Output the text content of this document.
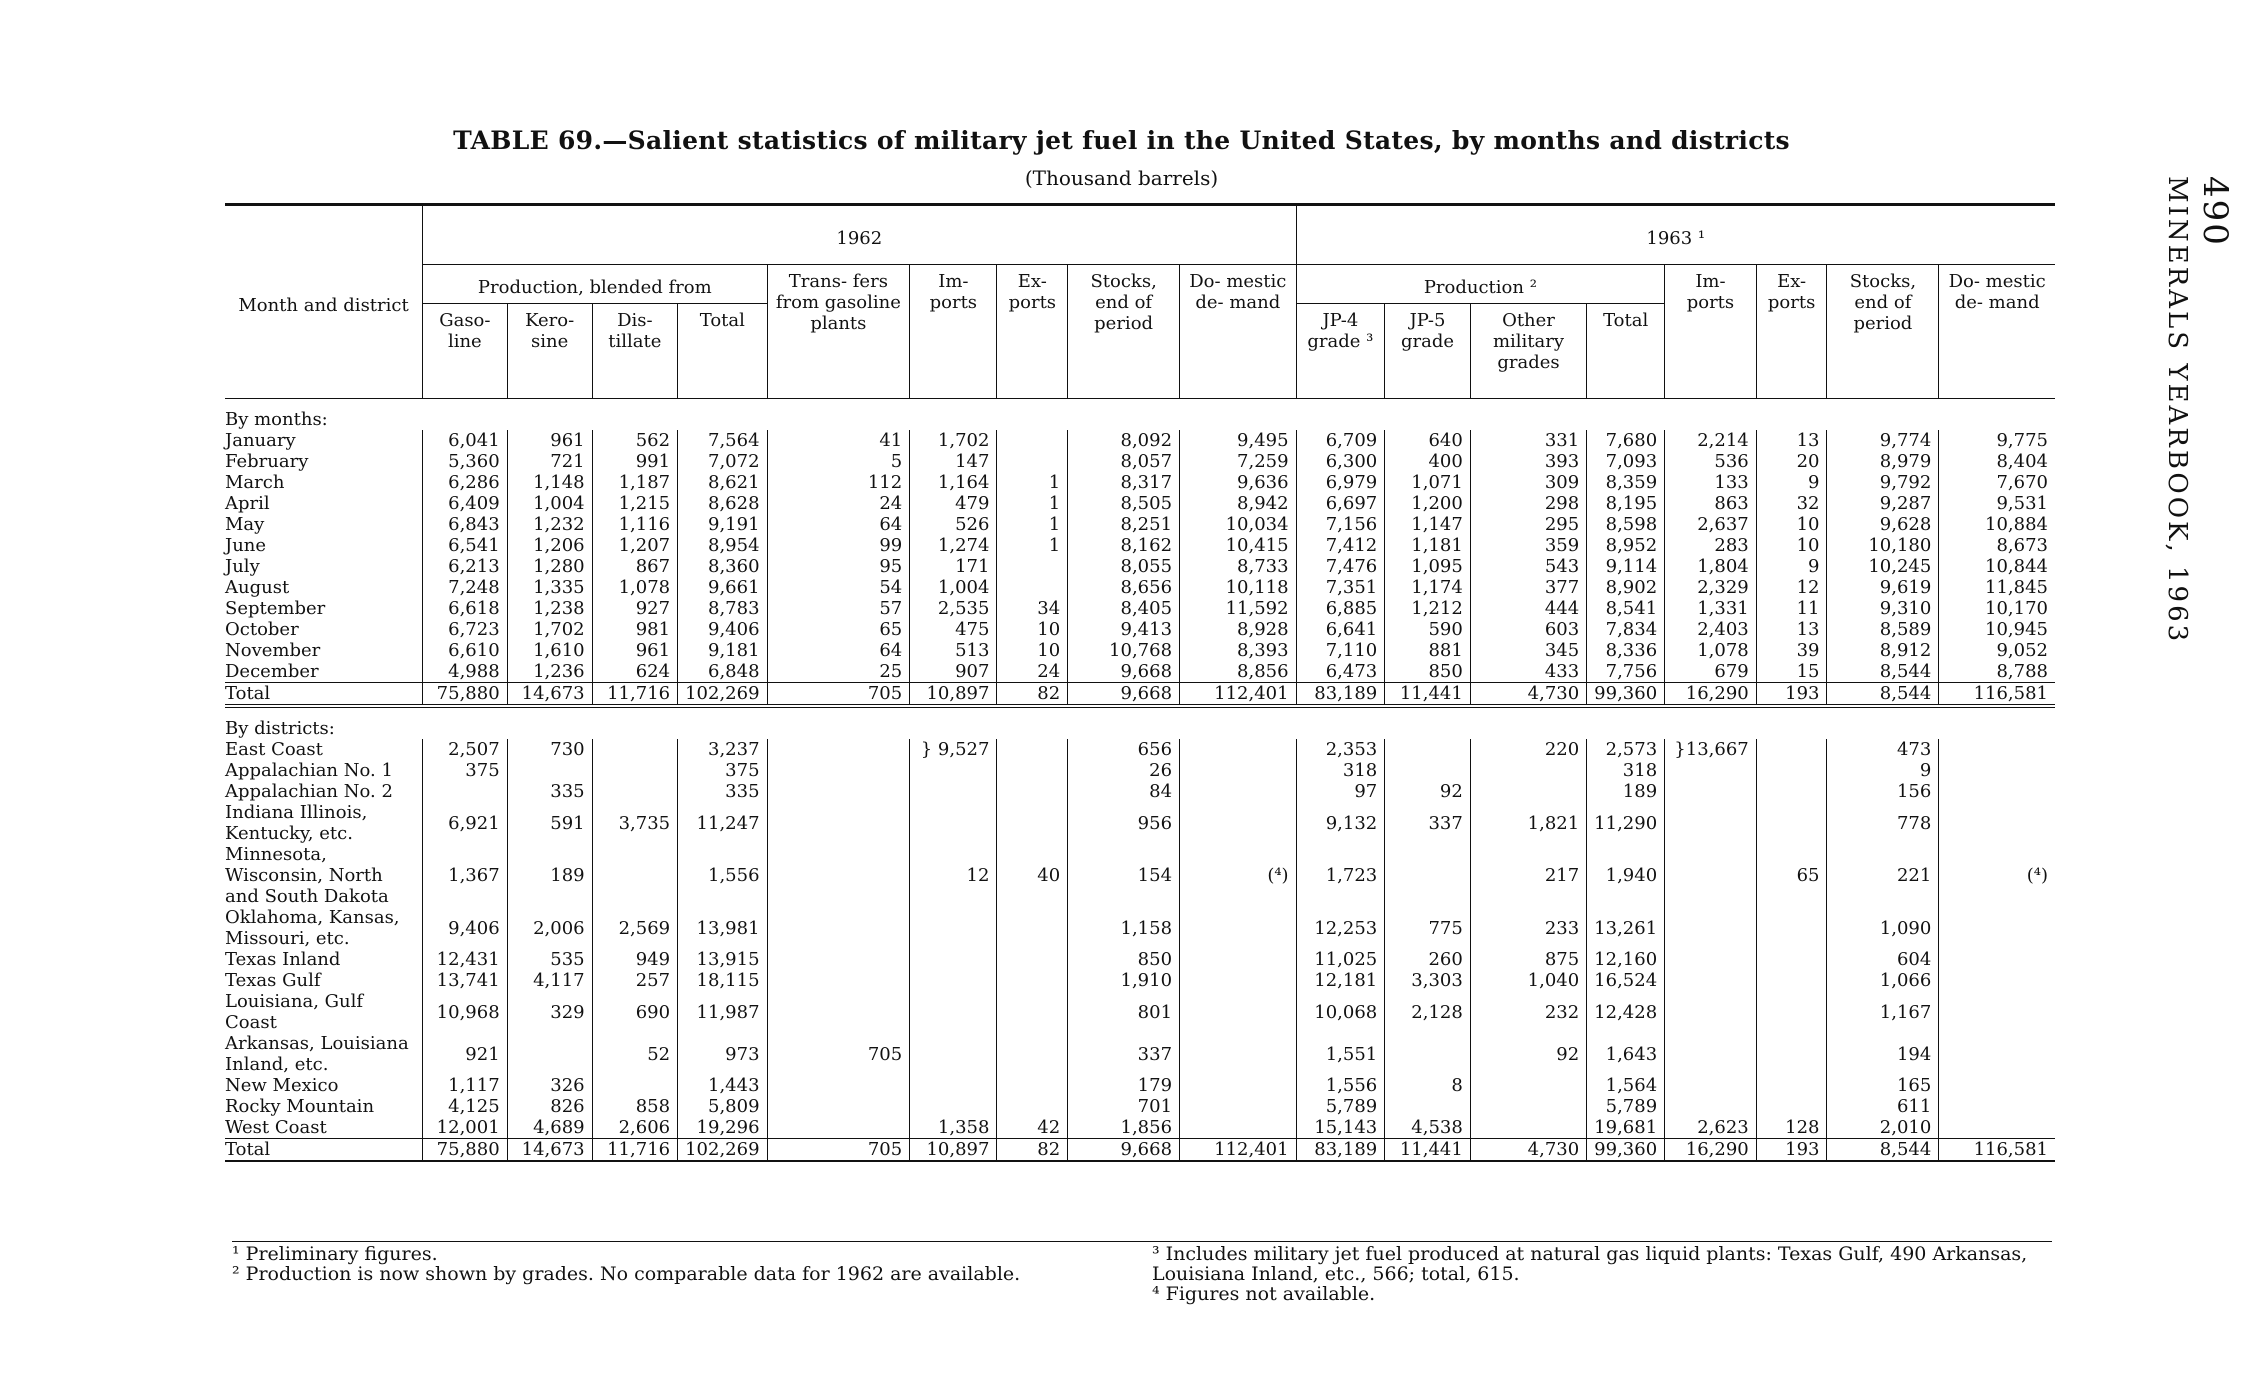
TABLE 69.—Salient statistics of military jet fuel in the United States, by months and districts
(Thousand barrels)	490
MINERALS YEARBOOK, 1963
Month and district	1962									1963 ¹							
	Production, blended from				Trans- fers from gasoline plants	Im- ports	Ex- ports	Stocks, end of period	Do- mestic de- mand	Production ²				Im- ports	Ex- ports	Stocks, end of period	Do- mestic de- mand
	Gaso- line	Kero- sine	Dis- tillate	Total						JP-4 grade ³	JP-5 grade	Other military grades	Total				
By months:																	
January	6,041	961	562	7,564	41	1,702		8,092	9,495	6,709	640	331	7,680	2,214	13	9,774	9,775
February	5,360	721	991	7,072	5	147		8,057	7,259	6,300	400	393	7,093	536	20	8,979	8,404
March	6,286	1,148	1,187	8,621	112	1,164	1	8,317	9,636	6,979	1,071	309	8,359	133	9	9,792	7,670
April	6,409	1,004	1,215	8,628	24	479	1	8,505	8,942	6,697	1,200	298	8,195	863	32	9,287	9,531
May	6,843	1,232	1,116	9,191	64	526	1	8,251	10,034	7,156	1,147	295	8,598	2,637	10	9,628	10,884
June	6,541	1,206	1,207	8,954	99	1,274	1	8,162	10,415	7,412	1,181	359	8,952	283	10	10,180	8,673
July	6,213	1,280	867	8,360	95	171		8,055	8,733	7,476	1,095	543	9,114	1,804	9	10,245	10,844
August	7,248	1,335	1,078	9,661	54	1,004		8,656	10,118	7,351	1,174	377	8,902	2,329	12	9,619	11,845
September	6,618	1,238	927	8,783	57	2,535	34	8,405	11,592	6,885	1,212	444	8,541	1,331	11	9,310	10,170
October	6,723	1,702	981	9,406	65	475	10	9,413	8,928	6,641	590	603	7,834	2,403	13	8,589	10,945
November	6,610	1,610	961	9,181	64	513	10	10,768	8,393	7,110	881	345	8,336	1,078	39	8,912	9,052
December	4,988	1,236	624	6,848	25	907	24	9,668	8,856	6,473	850	433	7,756	679	15	8,544	8,788
Total	75,880	14,673	11,716	102,269	705	10,897	82	9,668	112,401	83,189	11,441	4,730	99,360	16,290	193	8,544	116,581
By districts:																	
East Coast	2,507	730		3,237		} 9,527		656		2,353		220	2,573	}13,667		473	
Appalachian No. 1	375			375				26		318			318			9	
Appalachian No. 2		335		335				84		97	92		189			156	
Indiana Illinois, Kentucky, etc.	6,921	591	3,735	11,247				956		9,132	337	1,821	11,290			778	
Minnesota, Wisconsin, North and South Dakota	1,367	189		1,556		12	40	154	(⁴)	1,723		217	1,940		65	221	(⁴)
Oklahoma, Kansas, Missouri, etc.	9,406	2,006	2,569	13,981				1,158		12,253	775	233	13,261			1,090	
Texas Inland	12,431	535	949	13,915				850		11,025	260	875	12,160			604	
Texas Gulf	13,741	4,117	257	18,115				1,910		12,181	3,303	1,040	16,524			1,066	
Louisiana, Gulf Coast	10,968	329	690	11,987				801		10,068	2,128	232	12,428			1,167	
Arkansas, Louisiana Inland, etc.	921		52	973	705			337		1,551		92	1,643			194	
New Mexico	1,117	326		1,443				179		1,556	8		1,564			165	
Rocky Mountain	4,125	826	858	5,809				701		5,789			5,789			611	
West Coast	12,001	4,689	2,606	19,296		1,358	42	1,856		15,143	4,538		19,681	2,623	128	2,010	
Total	75,880	14,673	11,716	102,269	705	10,897	82	9,668	112,401	83,189	11,441	4,730	99,360	16,290	193	8,544	116,581
¹ Preliminary figures.
² Production is now shown by grades. No comparable data for 1962 are available.
³ Includes military jet fuel produced at natural gas liquid plants: Texas Gulf, 490 Arkansas, Louisiana Inland, etc., 566; total, 615.
⁴ Figures not available.
